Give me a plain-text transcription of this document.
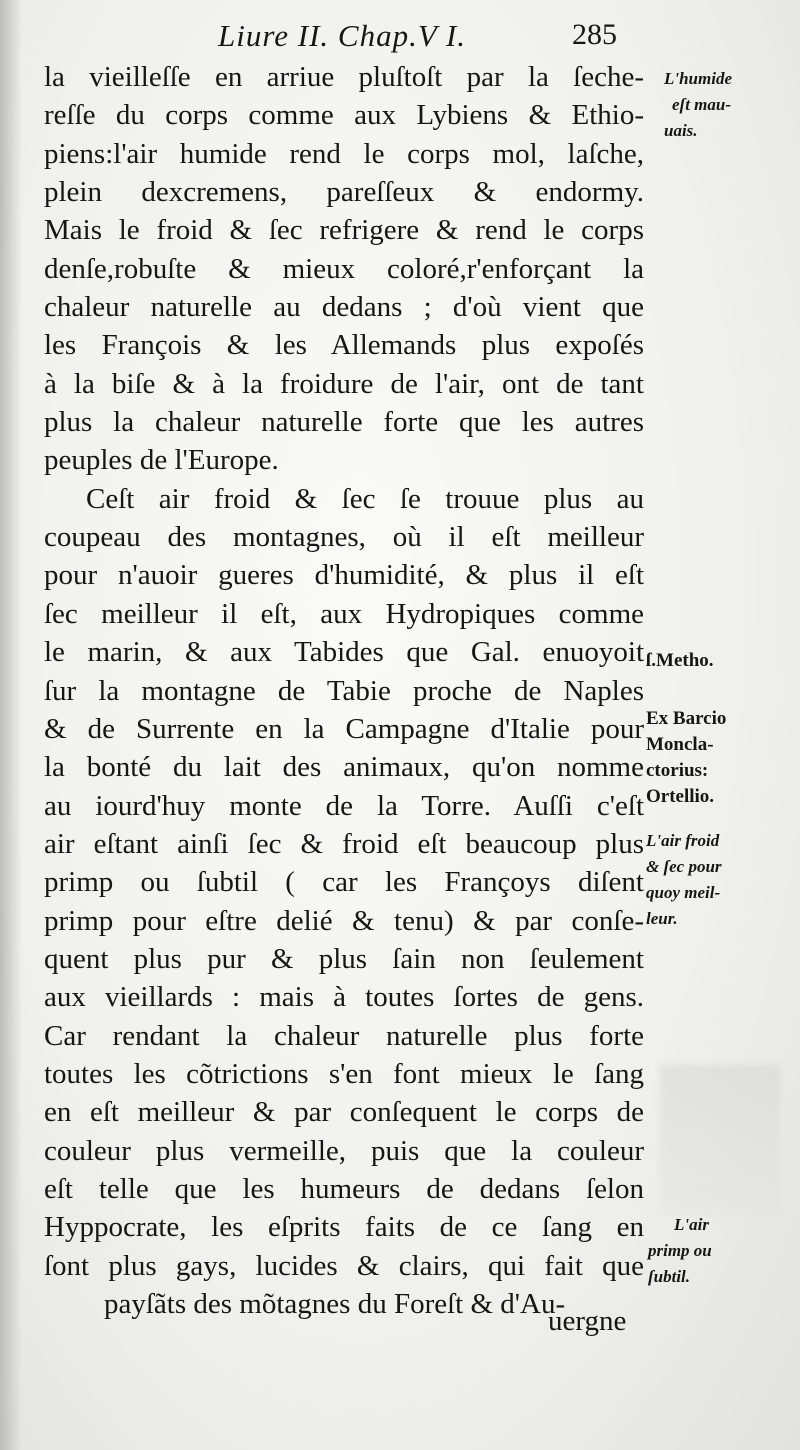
Liure II. Chap.V I.	285
la vieilleſſe en arriue pluſtoſt par la ſeche-
reſſe du corps comme aux Lybiens & Ethio-
piens:l'air humide rend le corps mol, laſche,
plein dexcremens, pareſſeux & endormy.
Mais le froid & ſec refrigere & rend le corps
denſe,robuſte & mieux coloré,r'enforçant la
chaleur naturelle au dedans ; d'où vient que
les François & les Allemands plus expoſés
à la biſe & à la froidure de l'air, ont de tant
plus la chaleur naturelle forte que les autres
peuples de l'Europe.
Ceſt air froid & ſec ſe trouue plus au
coupeau des montagnes, où il eſt meilleur
pour n'auoir gueres d'humidité, & plus il eſt
ſec meilleur il eſt, aux Hydropiques comme
le marin, & aux Tabides que Gal. enuoyoit
ſur la montagne de Tabie proche de Naples
& de Surrente en la Campagne d'Italie pour
la bonté du lait des animaux, qu'on nomme
au iourd'huy monte de la Torre. Auſſi c'eſt
air eſtant ainſi ſec & froid eſt beaucoup plus
primp ou ſubtil ( car les Françoys diſent
primp pour eſtre delié & tenu) & par conſe-
quent plus pur & plus ſain non ſeulement
aux vieillards : mais à toutes ſortes de gens.
Car rendant la chaleur naturelle plus forte
toutes les cõtrictions s'en font mieux le ſang
en eſt meilleur & par conſequent le corps de
couleur plus vermeille, puis que la couleur
eſt telle que les humeurs de dedans ſelon
Hyppocrate, les eſprits faits de ce ſang en
ſont plus gays, lucides & clairs, qui fait que
payſãts des mõtagnes du Foreſt & d'Au-
uergne
L'humide
eſt mau-
uais.
ſ.Metho.
Ex Barcio
Moncla-
ctorius:
Ortellio.
L'air froid
& ſec pour
quoy meil-
leur.
L'air
primp ou
ſubtil.
